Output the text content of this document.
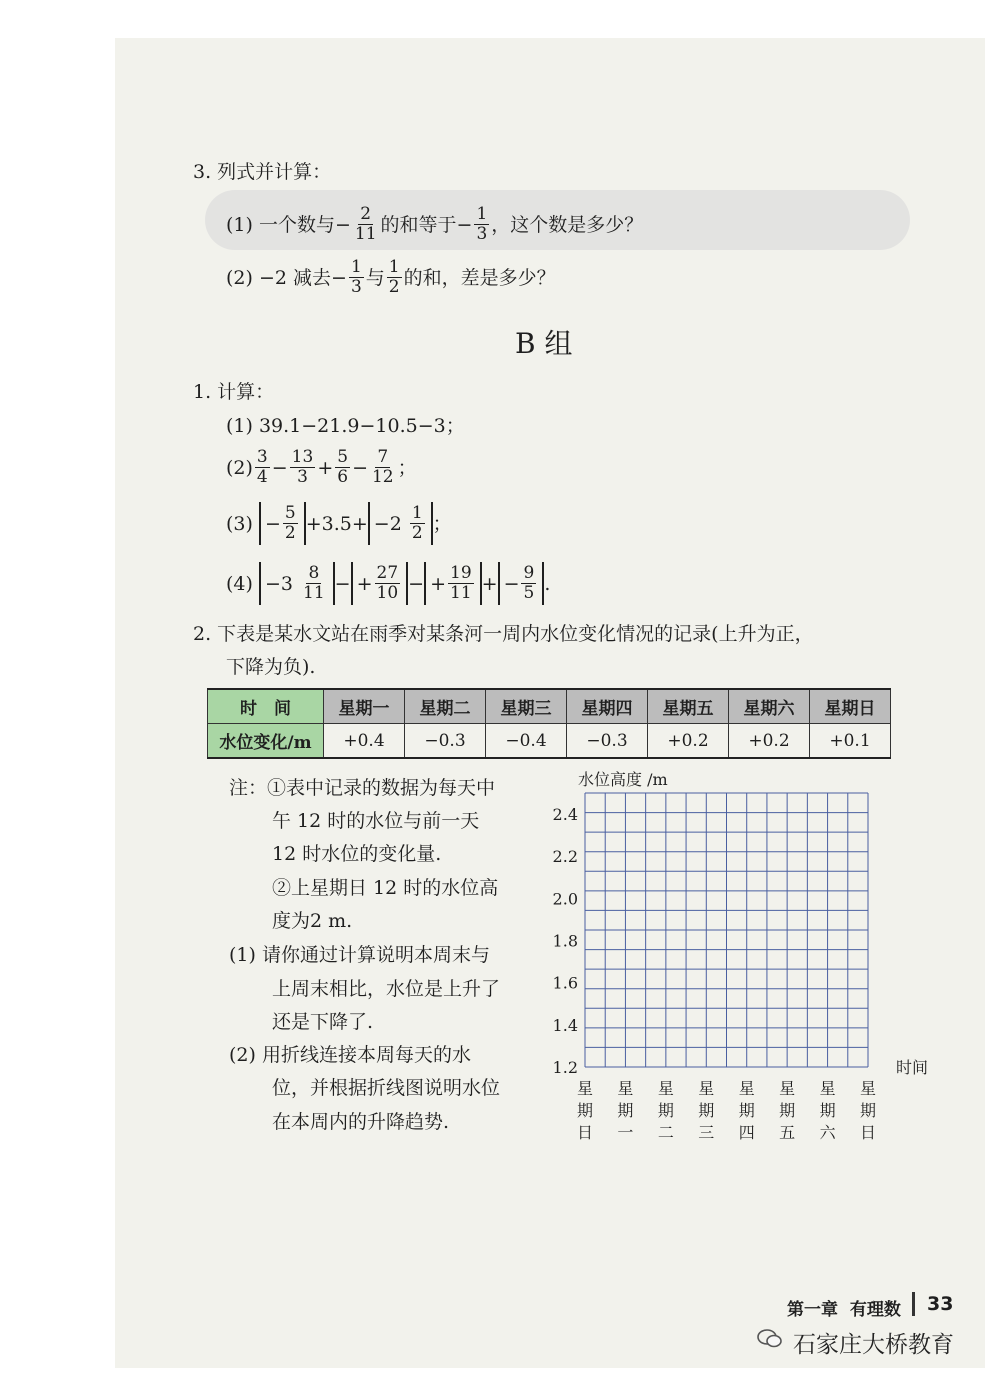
3. 列式并计算：
(1) 一个数与 − $\frac{2}{11}$ 的和等于 − $\frac{1}{3}$ ，这个数是多少？
(2) −2 减去 − $\frac{1}{3}$ 与 $\frac{1}{2}$ 的和，差是多少？
B 组
1. 计算：
(1) 39.1−21.9−10.5−3；
$(2) \frac{3}{4} - \frac{13}{3} + \frac{5}{6} - \frac{7}{12}$ ；
(3)
− $\frac{5}{2} +3.5+ -2$
$\frac{1}{2}$ ；
(4)
−3
$\frac{8}{11}$ − + $\frac{27}{10}$ − + $\frac{19}{11}$ + − $\frac{9}{5}$ .
2. 下表是某水文站在雨季对某条河一周内水位变化情况的记录(上升为正，
下降为负).
时　间	星期一	星期二	星期三	星期四	星期五	星期六	星期日
水位变化/m	+0.4	−0.3	−0.4	−0.3	+0.2	+0.2	+0.1
注：①表中记录的数据为每天中
午 12 时的水位与前一天
12 时水位的变化量.
②上星期日 12 时的水位高
度为2 m.
(1) 请你通过计算说明本周末与
上周末相比，水位是上升了
还是下降了.
(2) 用折线连接本周每天的水
位，并根据折线图说明水位
在本周内的升降趋势.
2.4
2.2
2.0
1.8
1.6
1.4
1.2
水位高度 /m
时间
星期日
星期一
星期二
星期三
星期四
星期五
星期六
星期日
第一章 有理数 33
石家庄大桥教育
